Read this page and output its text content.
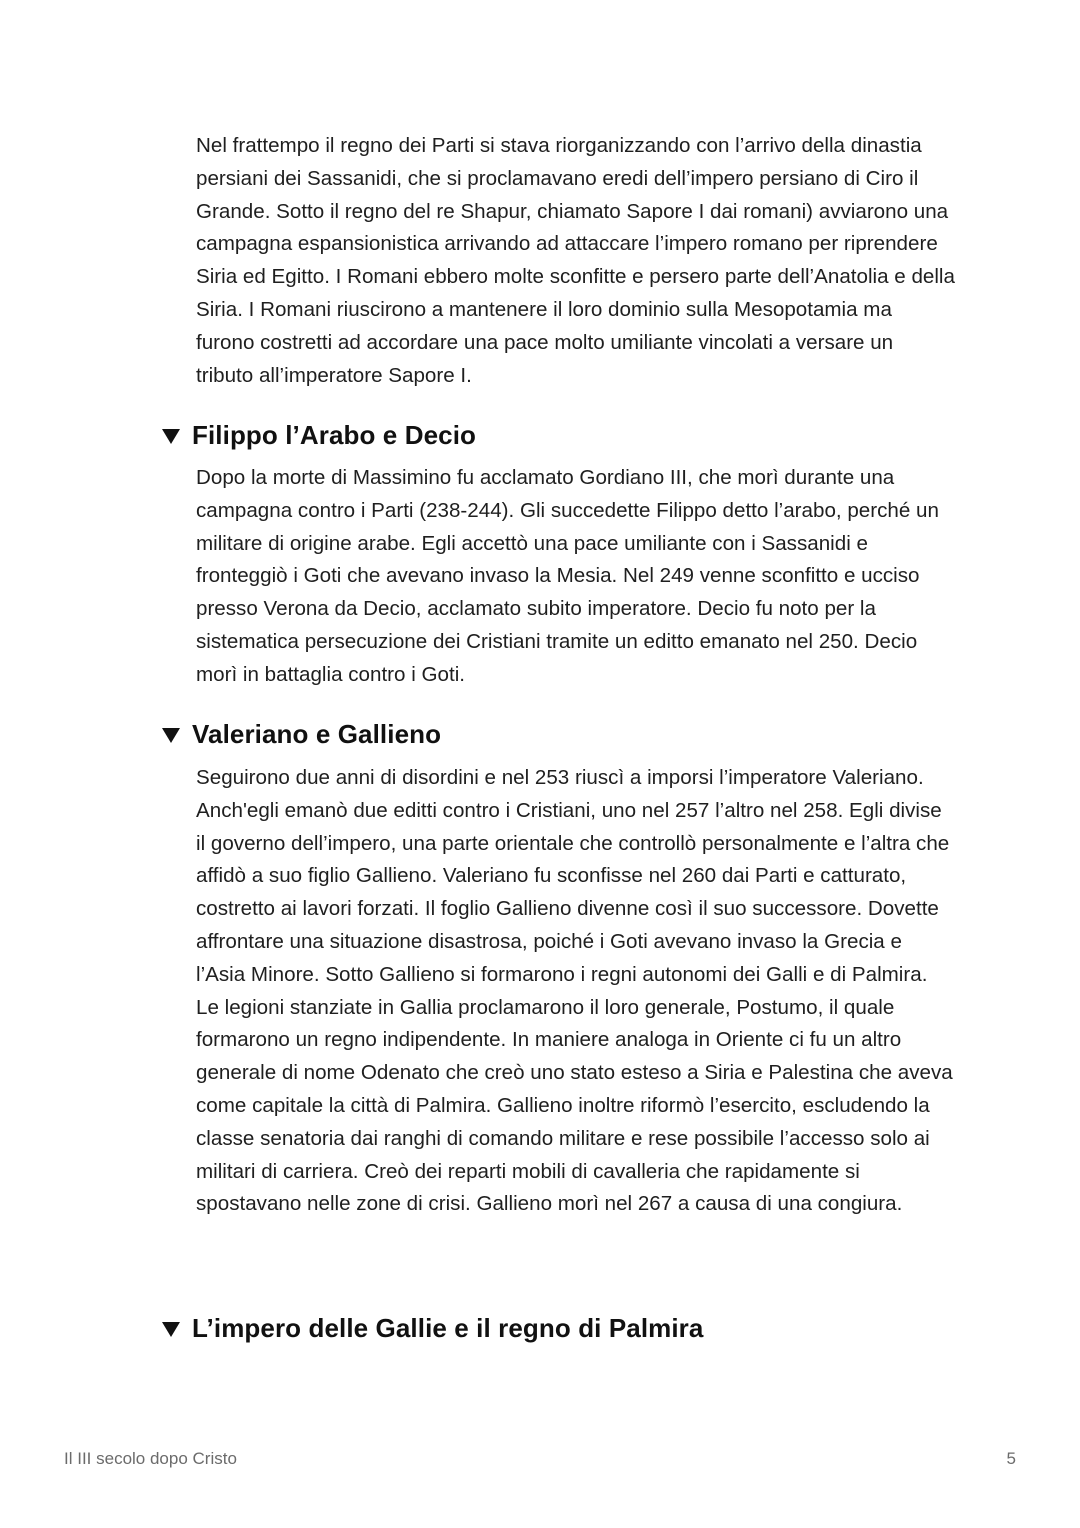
Nel frattempo il regno dei Parti si stava riorganizzando con l’arrivo della dinastia persiani dei Sassanidi, che si proclamavano eredi dell’impero persiano di Ciro il Grande. Sotto il regno del re Shapur, chiamato Sapore I dai romani) avviarono una campagna espansionistica arrivando ad attaccare l’impero romano per riprendere Siria ed Egitto. I Romani ebbero molte sconfitte e persero parte dell’Anatolia e della Siria. I Romani riuscirono a mantenere il loro dominio sulla Mesopotamia ma furono costretti ad accordare una pace molto umiliante vincolati a versare un tributo all’imperatore Sapore I.

Filippo l’Arabo e Decio

Dopo la morte di Massimino fu acclamato Gordiano III, che morì durante una campagna contro i Parti (238-244). Gli succedette Filippo detto l’arabo, perché un militare di origine arabe. Egli accettò una pace umiliante con i Sassanidi e fronteggiò i Goti che avevano invaso la Mesia. Nel 249 venne sconfitto e ucciso presso Verona da Decio, acclamato subito imperatore. Decio fu noto per la sistematica persecuzione dei Cristiani tramite un editto emanato nel 250. Decio morì in battaglia contro i Goti.

Valeriano e Gallieno

Seguirono due anni di disordini e nel 253 riuscì a imporsi l’imperatore Valeriano. Anch'egli emanò due editti contro i Cristiani, uno nel 257 l’altro nel 258. Egli divise il governo dell’impero, una parte orientale che controllò personalmente e l’altra che affidò a suo figlio Gallieno. Valeriano fu sconfisse nel 260 dai Parti e catturato, costretto ai lavori forzati. Il foglio Gallieno divenne così il suo successore. Dovette affrontare una situazione disastrosa, poiché i Goti avevano invaso la Grecia e l’Asia Minore. Sotto Gallieno si formarono i regni autonomi dei Galli e di Palmira. Le legioni stanziate in Gallia proclamarono il loro generale, Postumo, il quale formarono un regno indipendente. In maniere analoga in Oriente ci fu un altro generale di nome Odenato che creò uno stato esteso a Siria e Palestina che aveva come capitale la città di Palmira. Gallieno inoltre riformò l’esercito, escludendo la classe senatoria dai ranghi di comando militare e rese possibile l’accesso solo ai militari di carriera. Creò dei reparti mobili di cavalleria che rapidamente si spostavano nelle zone di crisi. Gallieno morì nel 267 a causa di una congiura.

L’impero delle Gallie e il regno di Palmira
Il III secolo dopo Cristo	5
